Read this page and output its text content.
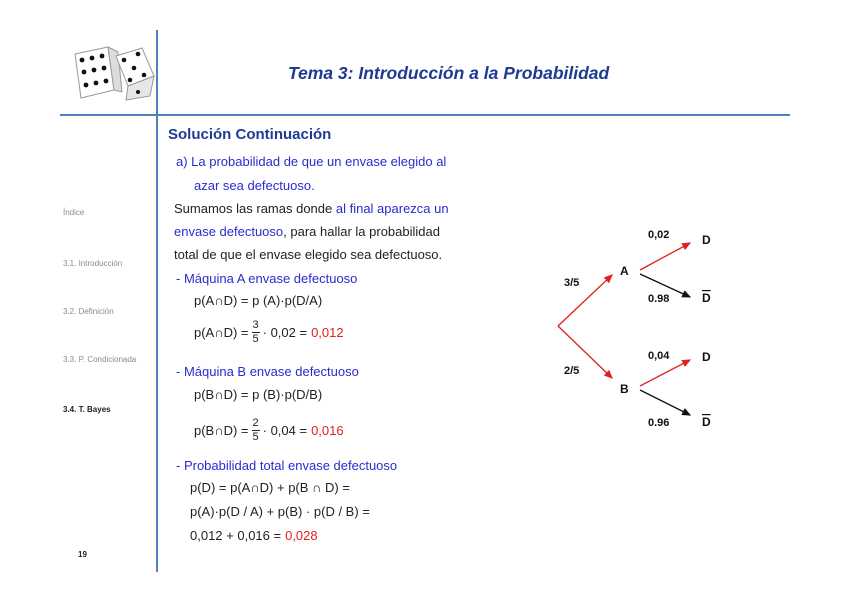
Tema 3: Introducción a la Probabilidad
Índice
3.1. Introducción
3.2. Definición
3.3. P. Condicionada
3.4. T. Bayes
19
Solución Continuación
a) La probabilidad de que un envase elegido al
azar sea defectuoso.
Sumamos las ramas donde al final aparezca un
envase defectuoso, para hallar la probabilidad
total de que el envase elegido sea defectuoso.
- Máquina A envase defectuoso
p(A∩D) = p (A)·p(D/A)
p(A∩D) = $\frac{3}{5} \cdot 0,02 = 0,012$
- Máquina B envase defectuoso
p(B∩D) = p (B)·p(D/B)
p(B∩D) = $\frac{2}{5} \cdot 0,04 = 0,016$
- Probabilidad total envase defectuoso
p(D) = p(A∩D) + p(B ∩ D) =
p(A)·p(D / A) + p(B) · p(D / B) =
0,012 + 0,016 = 0,028
3/5
2/5
A
B
0,02	D
0.98	D
0,04	D
0.96	D
